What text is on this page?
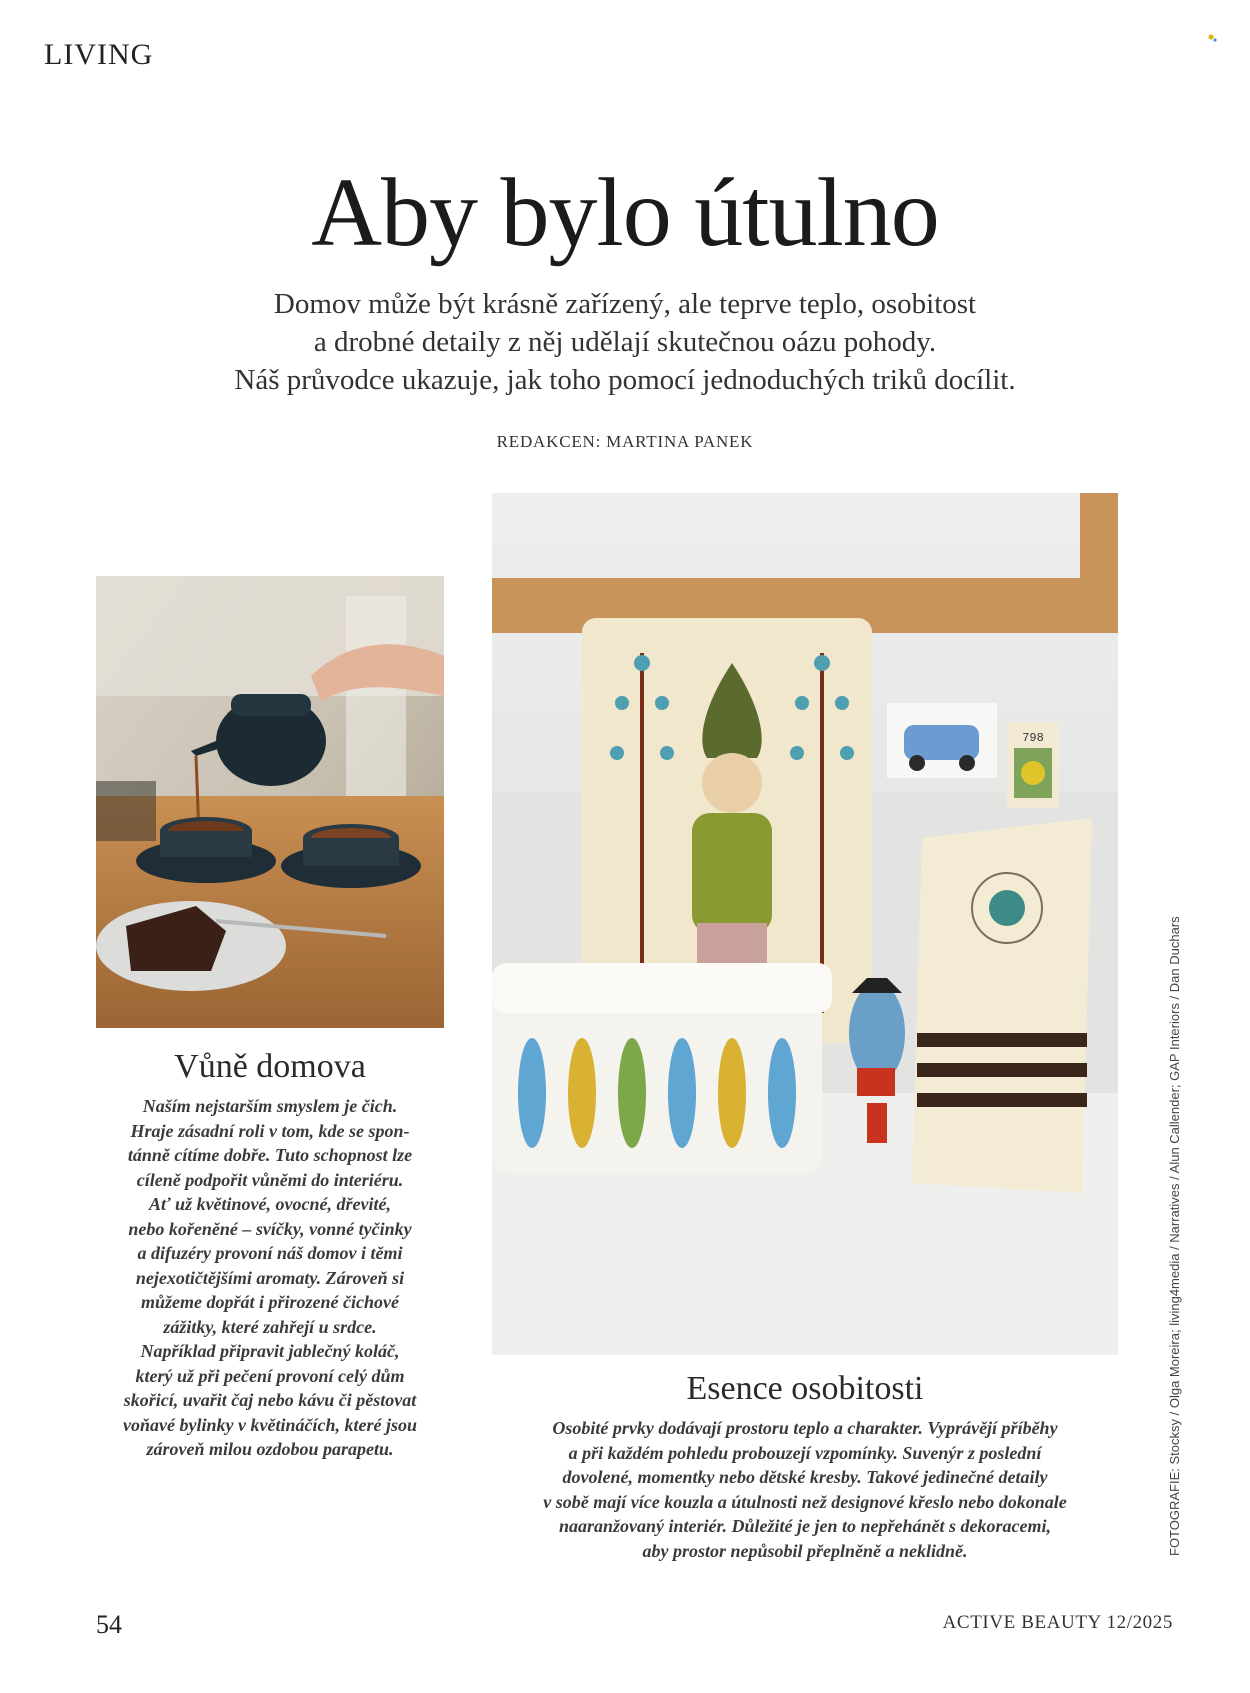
LIVING
Aby bylo útulno
Domov může být krásně zařízený, ale teprve teplo, osobitost
a drobné detaily z něj udělají skutečnou oázu pohody.
Náš průvodce ukazuje, jak toho pomocí jednoduchých triků docílit.
REDAKCEN: MARTINA PANEK
798
FOTOGRAFIE: Stocksy / Olga Moreira; living4media / Narratives / Alun Callender; GAP Interiors / Dan Duchars
Vůně domova
Naším nejstarším smyslem je čich.
Hraje zásadní roli v tom, kde se spon-
tánně cítíme dobře. Tuto schopnost lze
cíleně podpořit vůněmi do interiéru.
Ať už květinové, ovocné, dřevité,
nebo kořeněné – svíčky, vonné tyčinky
a difuzéry provoní náš domov i těmi
nejexotičtějšími aromaty. Zároveň si
můžeme dopřát i přirozené čichové
zážitky, které zahřejí u srdce.
Například připravit jablečný koláč,
který už při pečení provoní celý dům
skořicí, uvařit čaj nebo kávu či pěstovat
voňavé bylinky v květináčích, které jsou
zároveň milou ozdobou parapetu.
Esence osobitosti
Osobité prvky dodávají prostoru teplo a charakter. Vyprávějí příběhy
a při každém pohledu probouzejí vzpomínky. Suvenýr z poslední
dovolené, momentky nebo dětské kresby. Takové jedinečné detaily
v sobě mají více kouzla a útulnosti než designové křeslo nebo dokonale
naaranžovaný interiér. Důležité je jen to nepřehánět s dekoracemi,
aby prostor nepůsobil přeplněně a neklidně.
54	ACTIVE BEAUTY 12/2025
